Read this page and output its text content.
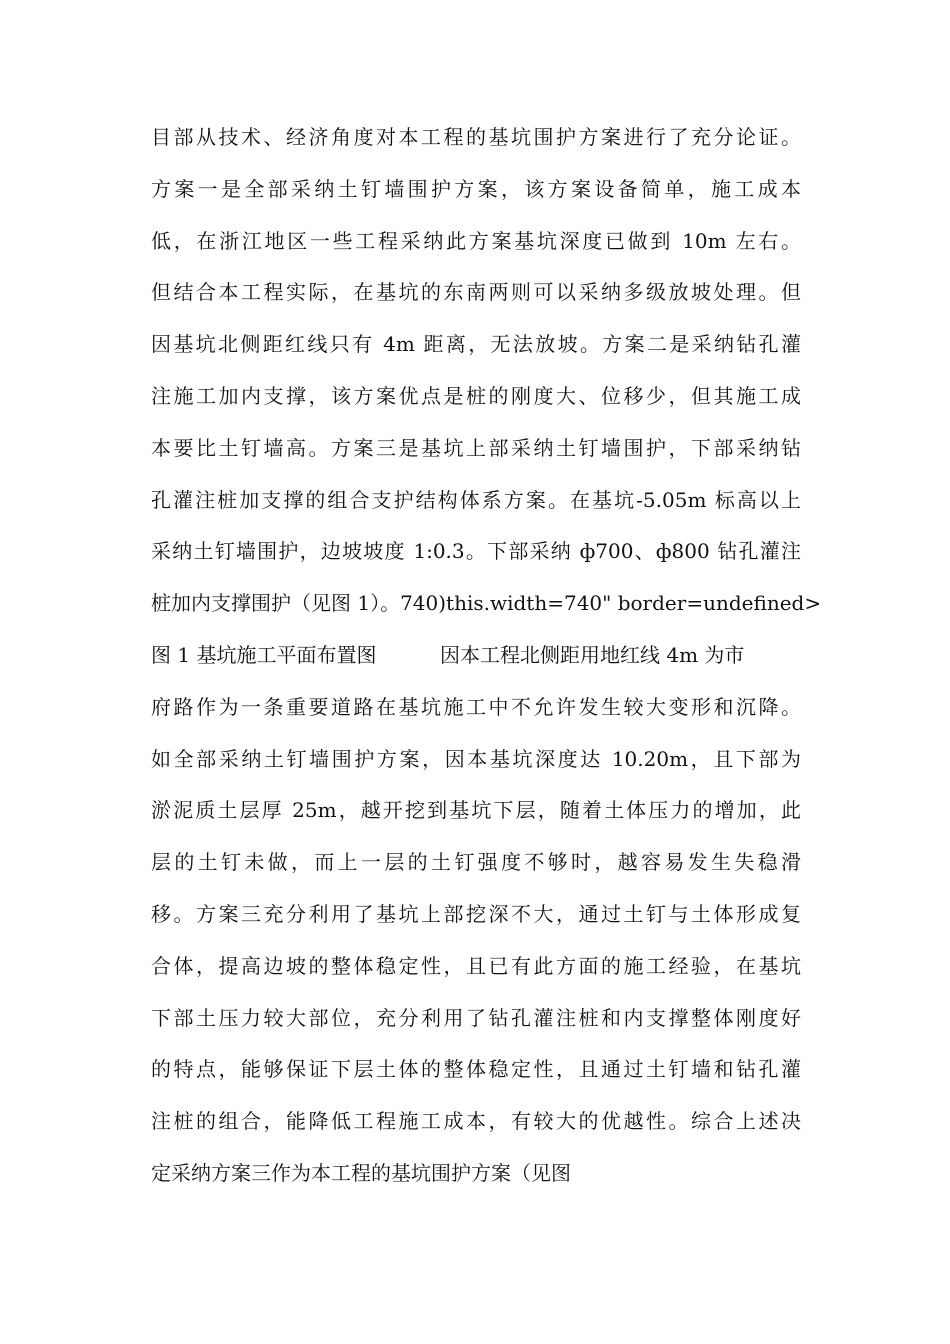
目部从技术、经济角度对本工程的基坑围护方案进行了充分论证。
方案一是全部采纳土钉墙围护方案，该方案设备简单，施工成本
低，在浙江地区一些工程采纳此方案基坑深度已做到 10m 左右。
但结合本工程实际，在基坑的东南两则可以采纳多级放坡处理。但
因基坑北侧距红线只有 4m 距离，无法放坡。方案二是采纳钻孔灌
注施工加内支撑，该方案优点是桩的刚度大、位移少，但其施工成
本要比土钉墙高。方案三是基坑上部采纳土钉墙围护，下部采纳钻
孔灌注桩加支撑的组合支护结构体系方案。在基坑-5.05m 标高以上
采纳土钉墙围护，边坡坡度 1:0.3。下部采纳 ф700、ф800 钻孔灌注
桩加内支撑围护（见图 1）。740)this.width=740" border=undefined>
图 1 基坑施工平面布置图          因本工程北侧距用地红线 4m 为市
府路作为一条重要道路在基坑施工中不允许发生较大变形和沉降。
如全部采纳土钉墙围护方案，因本基坑深度达 10.20m，且下部为
淤泥质土层厚 25m，越开挖到基坑下层，随着土体压力的增加，此
层的土钉未做，而上一层的土钉强度不够时，越容易发生失稳滑
移。方案三充分利用了基坑上部挖深不大，通过土钉与土体形成复
合体，提高边坡的整体稳定性，且已有此方面的施工经验，在基坑
下部土压力较大部位，充分利用了钻孔灌注桩和内支撑整体刚度好
的特点，能够保证下层土体的整体稳定性，且通过土钉墙和钻孔灌
注桩的组合，能降低工程施工成本，有较大的优越性。综合上述决
定采纳方案三作为本工程的基坑围护方案（见图
